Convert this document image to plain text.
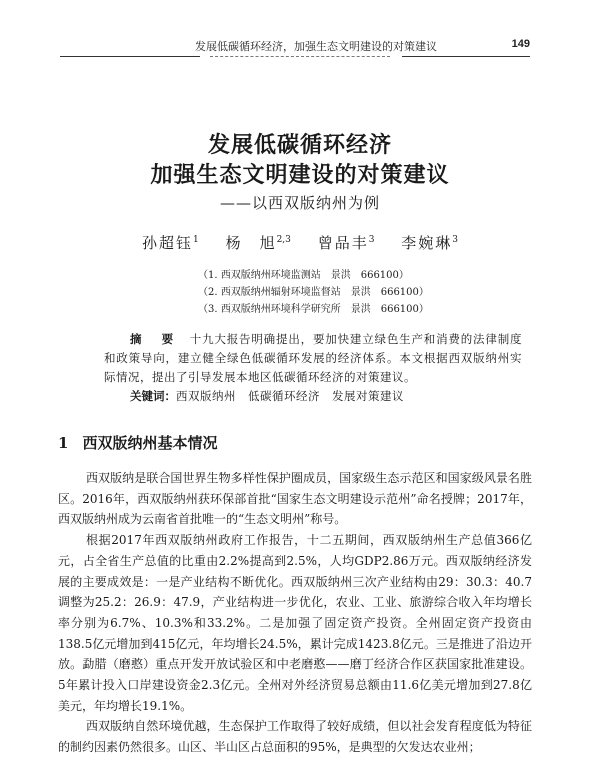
发展低碳循环经济，加强生态文明建设的对策建议	149
发展低碳循环经济
加强生态文明建设的对策建议
——以西双版纳州为例
孙超钰$^1$ 杨　旭$^{2,3}$ 曾品丰$^3$ 李婉琳$^3$
（1. 西双版纳州环境监测站　景洪　666100）
（2. 西双版纳州辐射环境监督站　景洪　666100）
（3. 西双版纳州环境科学研究所　景洪　666100）

摘　要　 十九大报告明确提出，要加快建立绿色生产和消费的法律制度和政策导向，建立健全绿色低碳循环发展的经济体系。本文根据西双版纳州实际情况，提出了引导发展本地区低碳循环经济的对策建议。

关键词：西双版纳州　低碳循环经济　发展对策建议

1 西双版纳州基本情况

西双版纳是联合国世界生物多样性保护圈成员，国家级生态示范区和国家级风景名胜区。2016年，西双版纳州获环保部首批“国家生态文明建设示范州”命名授牌；2017年，西双版纳州成为云南省首批唯一的“生态文明州”称号。

根据2017年西双版纳州政府工作报告，十二五期间，西双版纳州生产总值366亿元，占全省生产总值的比重由2.2%提高到2.5%，人均GDP2.86万元。西双版纳经济发展的主要成效是：一是产业结构不断优化。西双版纳州三次产业结构由29：30.3：40.7调整为25.2：26.9：47.9，产业结构进一步优化，农业、工业、旅游综合收入年均增长率分别为6.7%、10.3%和33.2%。二是加强了固定资产投资。全州固定资产投资由138.5亿元增加到415亿元，年均增长24.5%，累计完成1423.8亿元。三是推进了沿边开放。勐腊（磨憨）重点开发开放试验区和中老磨憨——磨丁经济合作区获国家批准建设。5年累计投入口岸建设资金2.3亿元。全州对外经济贸易总额由11.6亿美元增加到27.8亿美元，年均增长19.1%。

西双版纳自然环境优越，生态保护工作取得了较好成绩，但以社会发育程度低为特征的制约因素仍然很多。山区、半山区占总面积的95%，是典型的欠发达农业州；
